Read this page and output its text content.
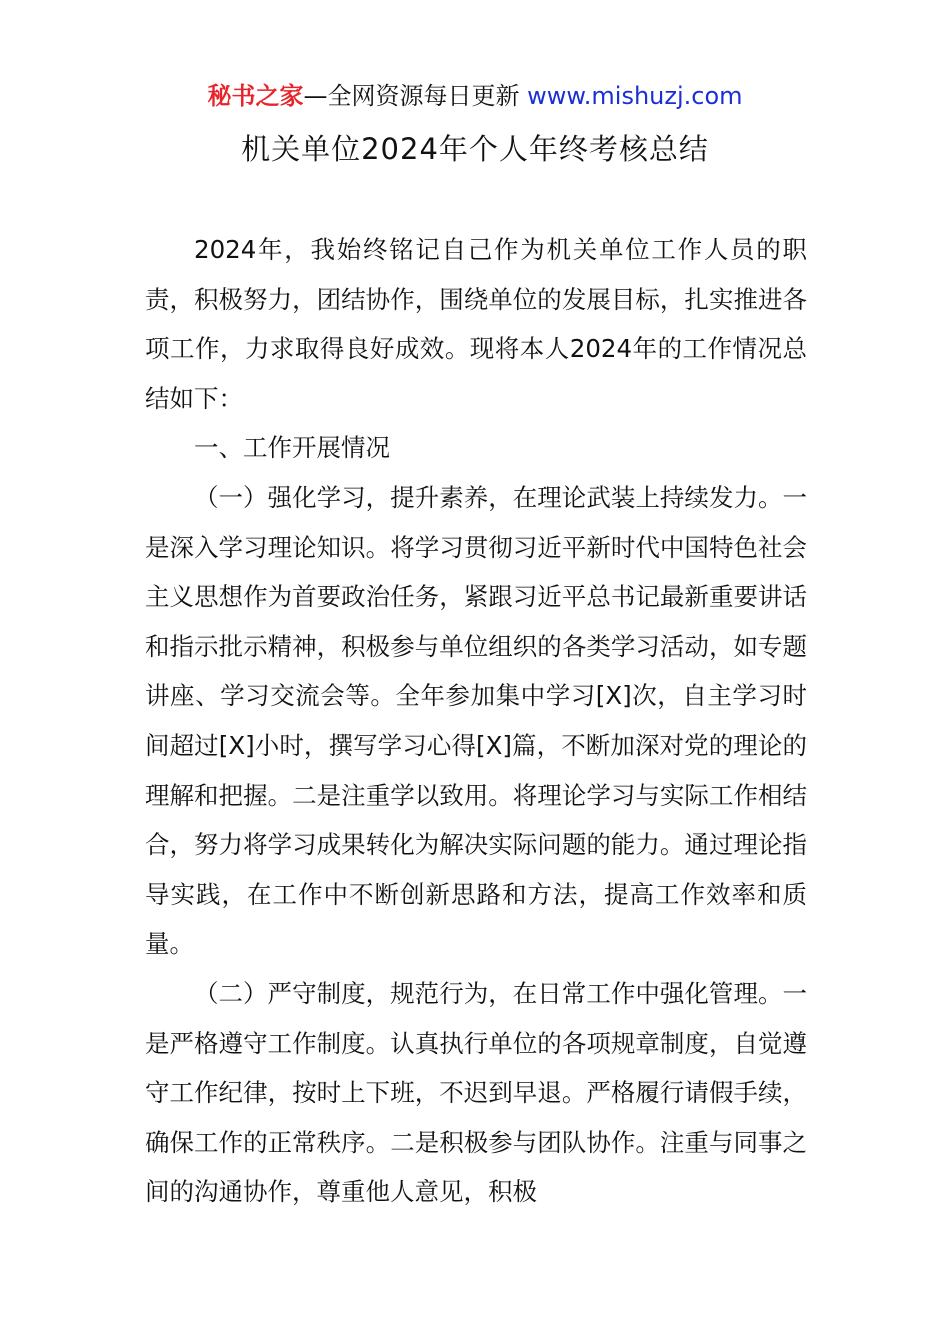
秘书之家—全网资源每日更新 www.mishuzj.com
机关单位2024年个人年终考核总结

2024年，我始终铭记自己作为机关单位工作人员的职责，积极努力，团结协作，围绕单位的发展目标，扎实推进各项工作，力求取得良好成效。现将本人2024年的工作情况总结如下：

一、工作开展情况

（一）强化学习，提升素养，在理论武装上持续发力。一是深入学习理论知识。将学习贯彻习近平新时代中国特色社会主义思想作为首要政治任务，紧跟习近平总书记最新重要讲话和指示批示精神，积极参与单位组织的各类学习活动，如专题讲座、学习交流会等。全年参加集中学习[X]次，自主学习时间超过[X]小时，撰写学习心得[X]篇，不断加深对党的理论的理解和把握。二是注重学以致用。将理论学习与实际工作相结合，努力将学习成果转化为解决实际问题的能力。通过理论指导实践，在工作中不断创新思路和方法，提高工作效率和质量。

（二）严守制度，规范行为，在日常工作中强化管理。一是严格遵守工作制度。认真执行单位的各项规章制度，自觉遵守工作纪律，按时上下班，不迟到早退。严格履行请假手续，确保工作的正常秩序。二是积极参与团队协作。注重与同事之间的沟通协作，尊重他人意见，积极
